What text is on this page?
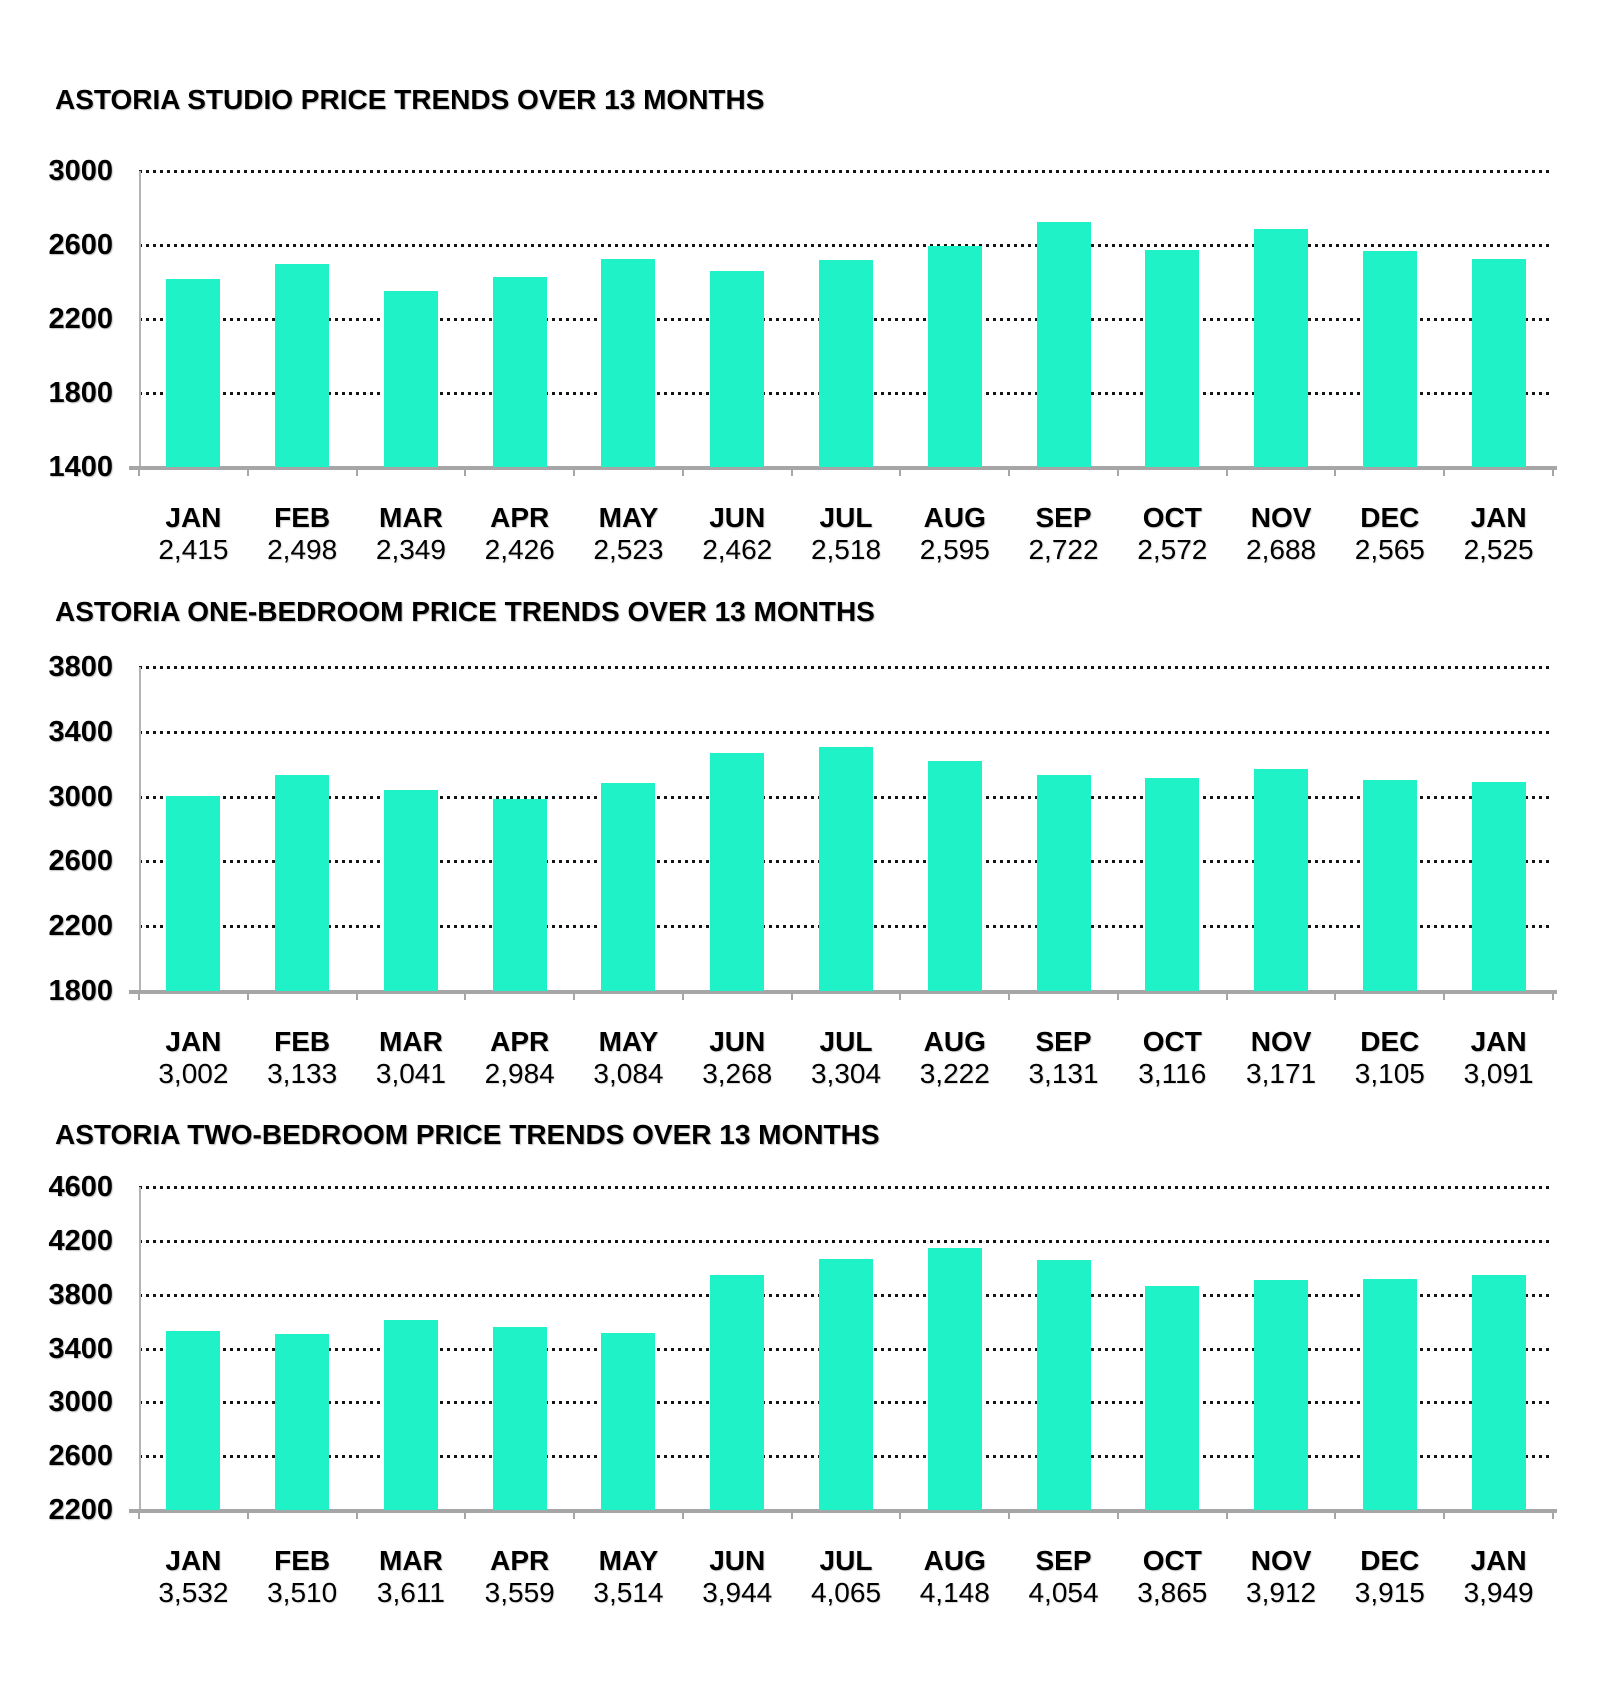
ASTORIA STUDIO PRICE TRENDS OVER 13 MONTHS
3000
2600
2200
1800
1400
JAN
2,415
FEB
2,498
MAR
2,349
APR
2,426
MAY
2,523
JUN
2,462
JUL
2,518
AUG
2,595
SEP
2,722
OCT
2,572
NOV
2,688
DEC
2,565
JAN
2,525
ASTORIA ONE-BEDROOM PRICE TRENDS OVER 13 MONTHS
3800
3400
3000
2600
2200
1800
JAN
3,002
FEB
3,133
MAR
3,041
APR
2,984
MAY
3,084
JUN
3,268
JUL
3,304
AUG
3,222
SEP
3,131
OCT
3,116
NOV
3,171
DEC
3,105
JAN
3,091
ASTORIA TWO-BEDROOM PRICE TRENDS OVER 13 MONTHS
4600
4200
3800
3400
3000
2600
2200
JAN
3,532
FEB
3,510
MAR
3,611
APR
3,559
MAY
3,514
JUN
3,944
JUL
4,065
AUG
4,148
SEP
4,054
OCT
3,865
NOV
3,912
DEC
3,915
JAN
3,949
